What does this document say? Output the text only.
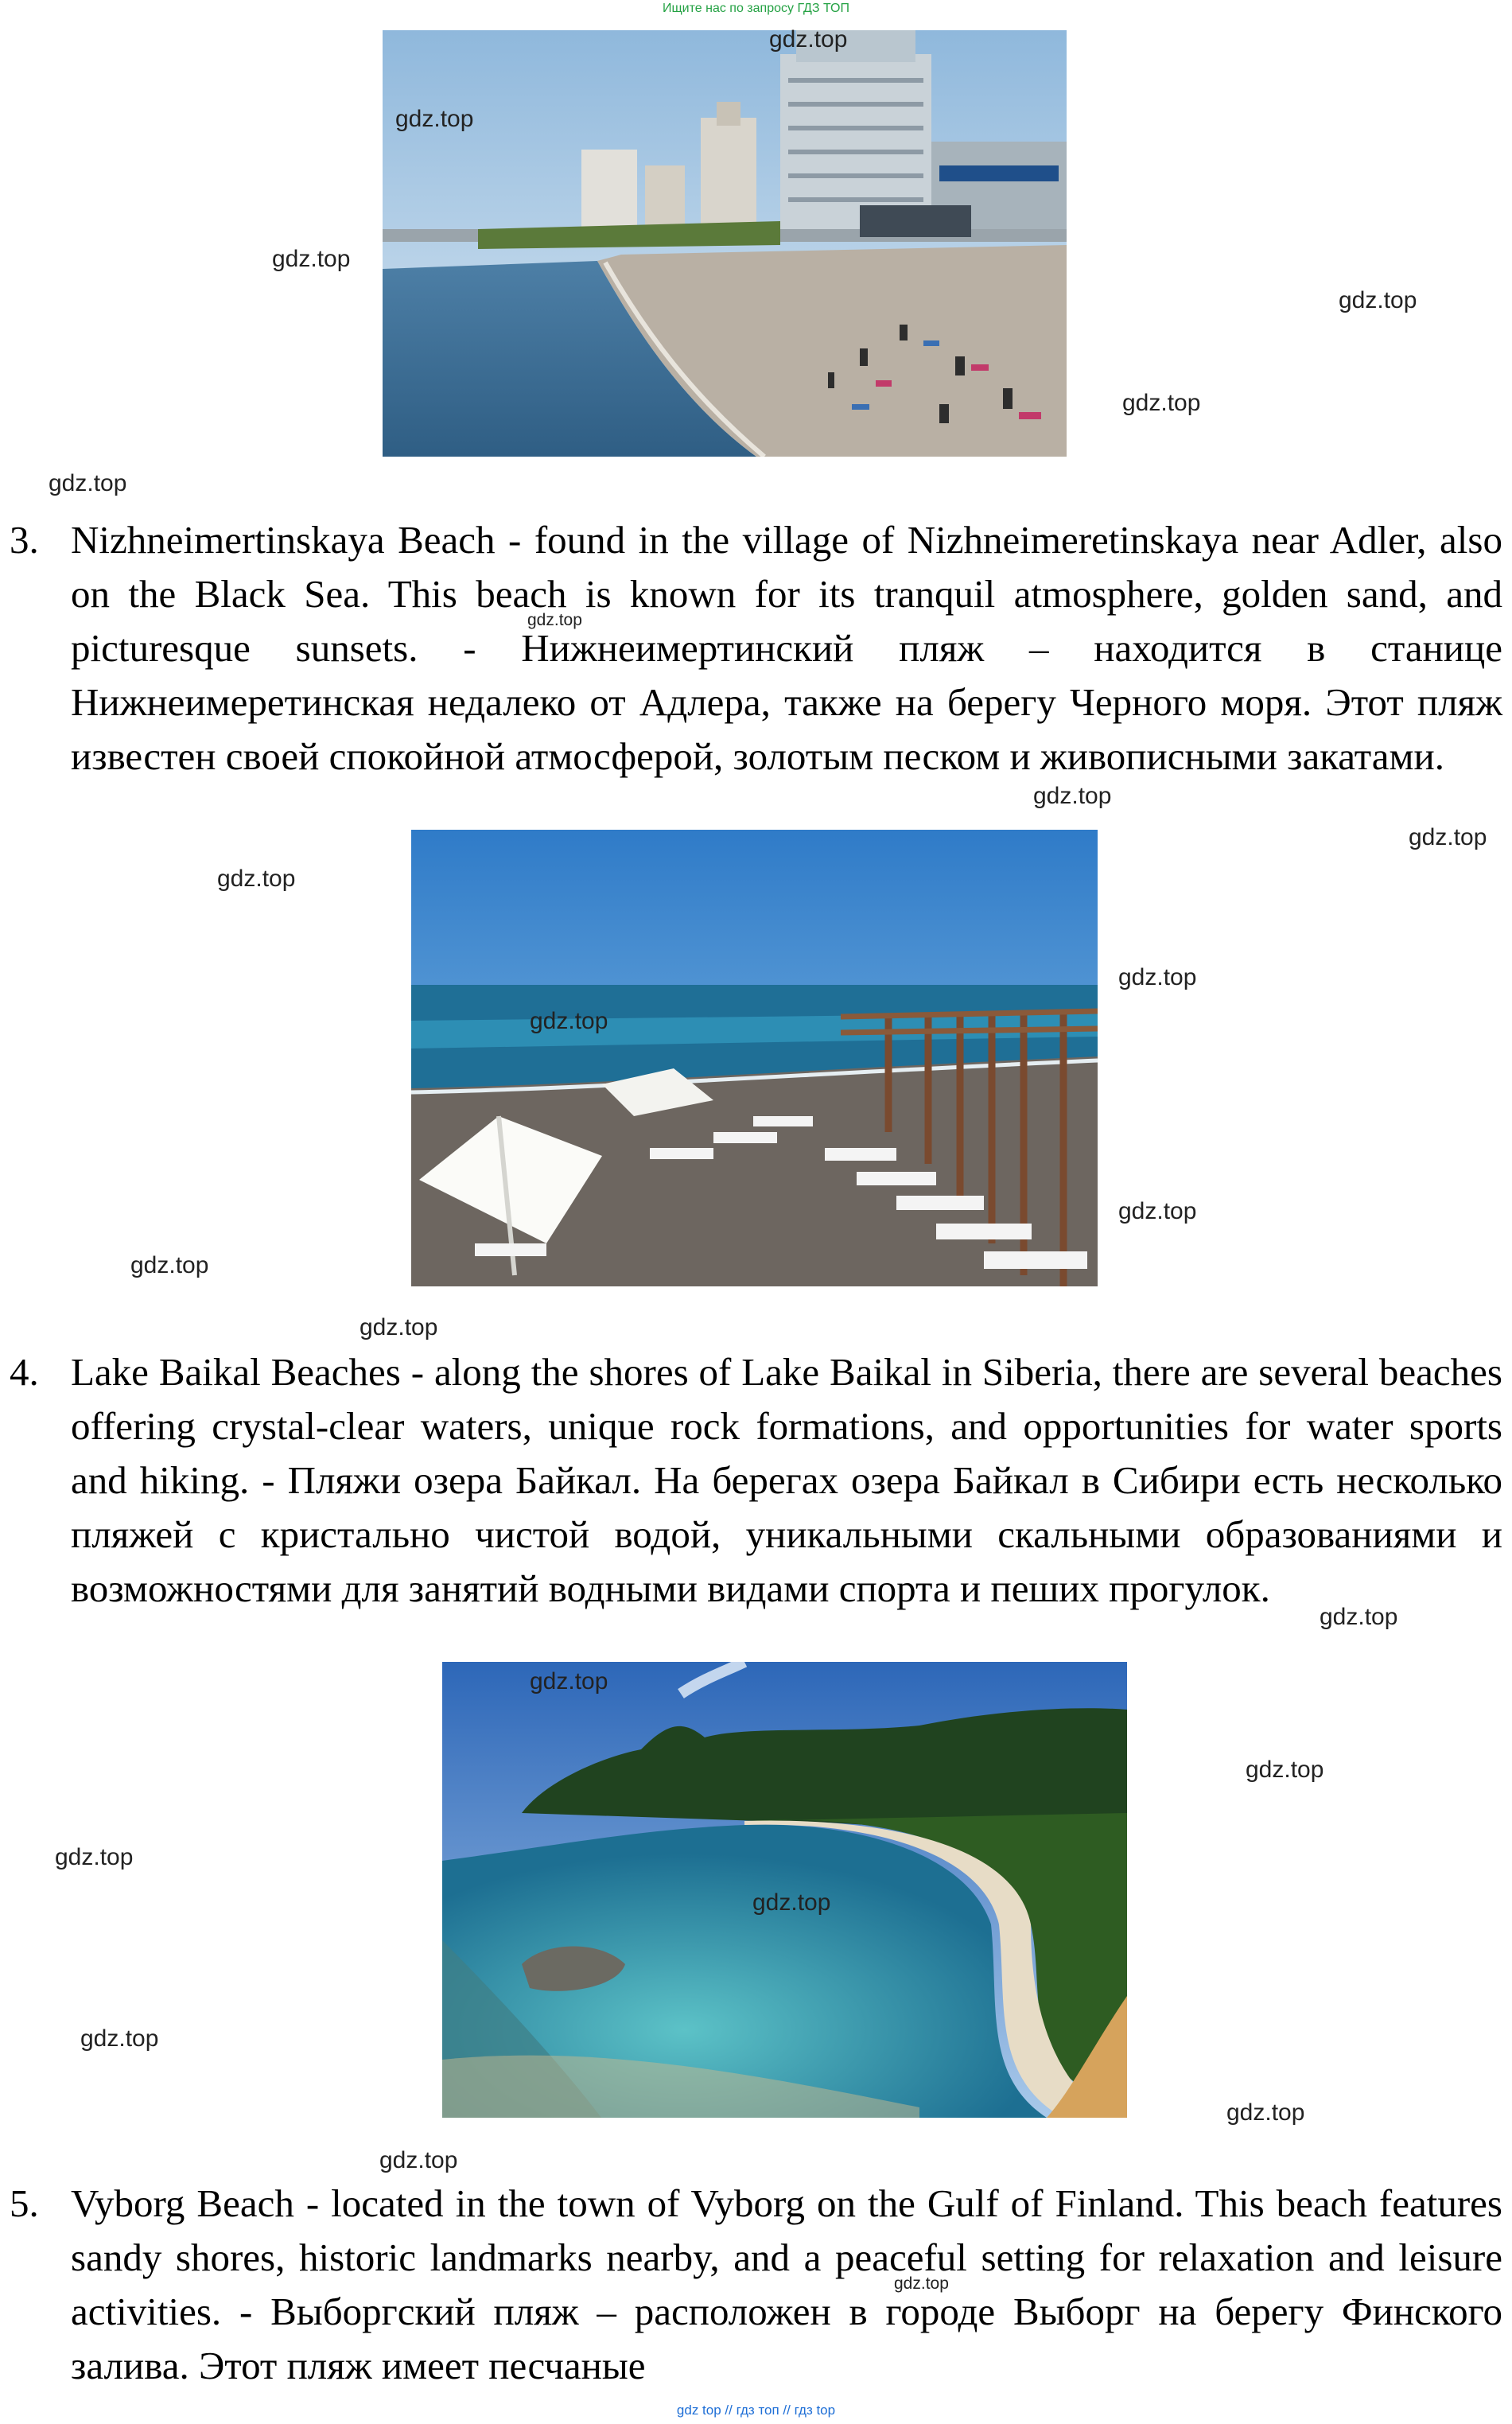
Ищите нас по запросу ГДЗ ТОП
3. Nizhneimertinskaya Beach - found in the village of Nizhneimeretinskaya near Adler, also on the Black Sea. This beach is known for its tranquil atmosphere, golden sand, and picturesque sunsets. - Нижнеимертинский пляж – находится в станице Нижнеимеретинская недалеко от Адлера, также на берегу Черного моря. Этот пляж известен своей спокойной атмосферой, золотым песком и живописными закатами.
4. Lake Baikal Beaches - along the shores of Lake Baikal in Siberia, there are several beaches offering crystal-clear waters, unique rock formations, and opportunities for water sports and hiking. - Пляжи озера Байкал. На берегах озера Байкал в Сибири есть несколько пляжей с кристально чистой водой, уникальными скальными образованиями и возможностями для занятий водными видами спорта и пеших прогулок.
5. Vyborg Beach - located in the town of Vyborg on the Gulf of Finland. This beach features sandy shores, historic landmarks nearby, and a peaceful setting for relaxation and leisure activities. - Выборгский пляж – расположен в городе Выборг на берегу Финского залива. Этот пляж имеет песчаные
gdz.top
gdz.top
gdz.top
gdz.top
gdz.top
gdz.top
gdz.top
gdz.top
gdz.top
gdz.top
gdz.top
gdz.top
gdz.top
gdz.top
gdz.top
gdz.top
gdz.top
gdz.top
gdz.top
gdz.top
gdz.top
gdz.top
gdz.top
gdz.top
gdz top // гдз топ // гдз top
